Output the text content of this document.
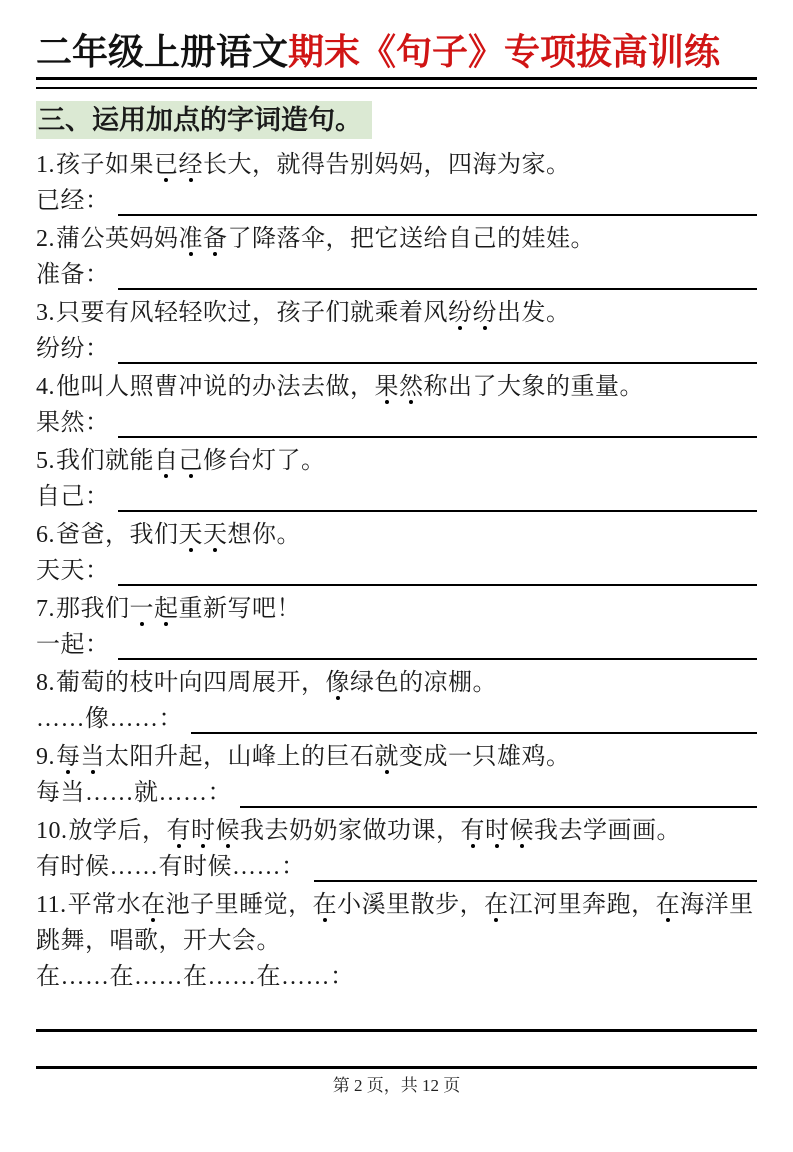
二年级上册语文期末《句子》专项拔高训练
三、运用加点的字词造句。
1.孩子如果已经长大，就得告别妈妈，四海为家。
已经：
2.蒲公英妈妈准备了降落伞，把它送给自己的娃娃。
准备：
3.只要有风轻轻吹过，孩子们就乘着风纷纷出发。
纷纷：
4.他叫人照曹冲说的办法去做，果然称出了大象的重量。
果然：
5.我们就能自己修台灯了。
自己：
6.爸爸，我们天天想你。
天天：
7.那我们一起重新写吧！
一起：
8.葡萄的枝叶向四周展开，像绿色的凉棚。
……像……：
9.每当太阳升起，山峰上的巨石就变成一只雄鸡。
每当……就……：
10.放学后，有时候我去奶奶家做功课，有时候我去学画画。
有时候……有时候……：
11.平常水在池子里睡觉，在小溪里散步，在江河里奔跑，在海洋里跳舞，唱歌，开大会。
在……在……在……在……：
第 2 页，共 12 页
